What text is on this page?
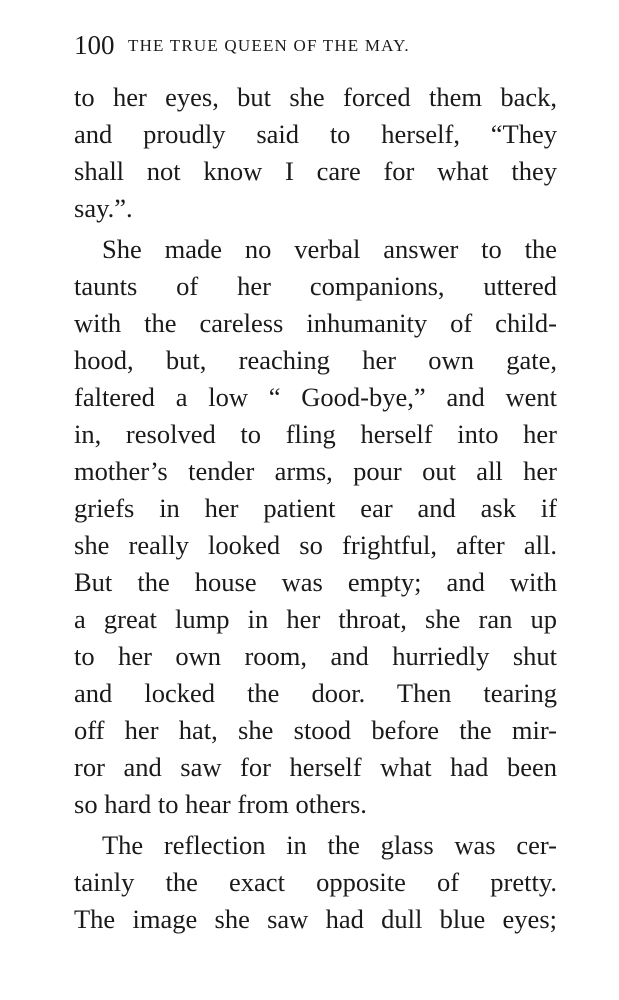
100 THE TRUE QUEEN OF THE MAY.
to her eyes, but she forced them back,
and proudly said to herself, “They
shall not know I care for what they
say.”.
She made no verbal answer to the
taunts of her companions, uttered
with the careless inhumanity of child-
hood, but, reaching her own gate,
faltered a low “ Good-bye,” and went
in, resolved to fling herself into her
mother’s tender arms, pour out all her
griefs in her patient ear and ask if
she really looked so frightful, after all.
But the house was empty; and with
a great lump in her throat, she ran up
to her own room, and hurriedly shut
and locked the door. Then tearing
off her hat, she stood before the mir-
ror and saw for herself what had been
so hard to hear from others.
The reflection in the glass was cer-
tainly the exact opposite of pretty.
The image she saw had dull blue eyes;
